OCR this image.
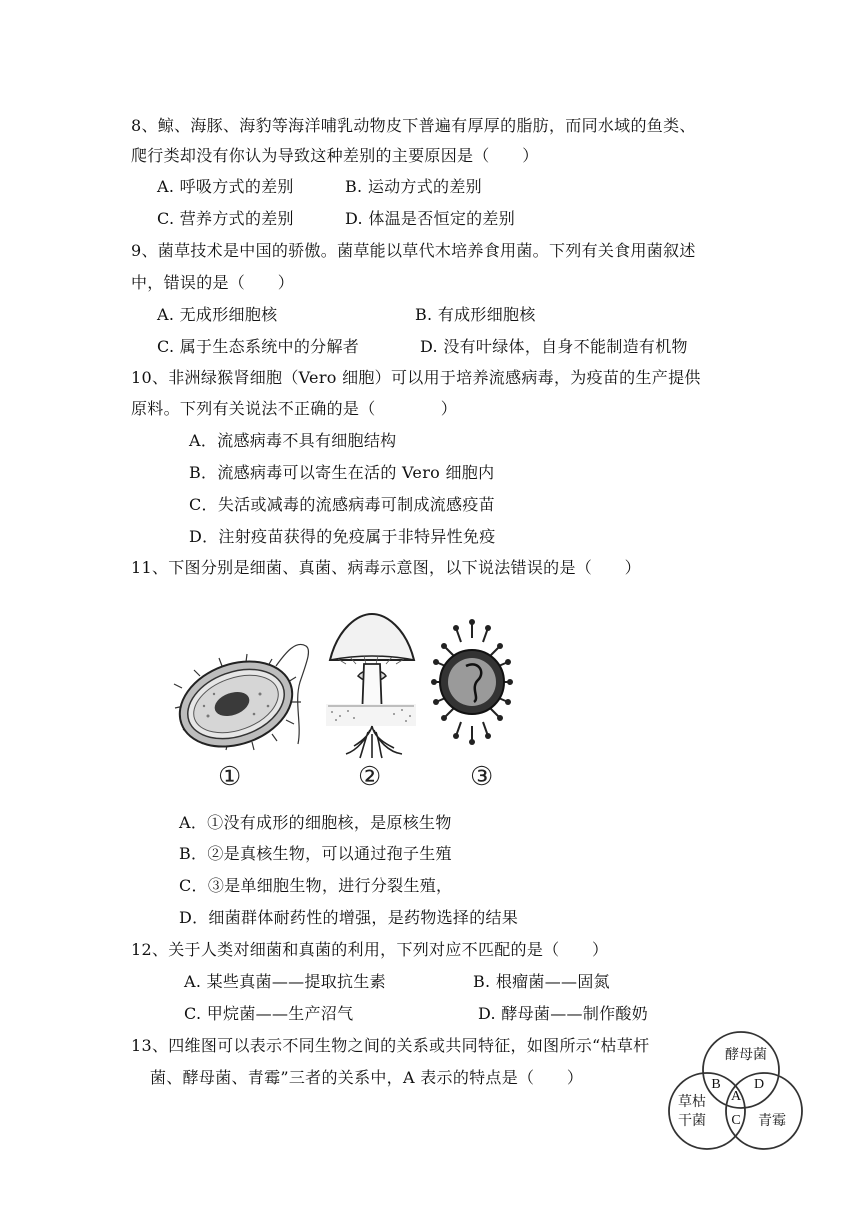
8、鲸、海豚、海豹等海洋哺乳动物皮下普遍有厚厚的脂肪，而同水域的鱼类、
爬行类却没有你认为导致这种差别的主要原因是（　　）
A. 呼吸方式的差别	B. 运动方式的差别
C. 营养方式的差别	D. 体温是否恒定的差别
9、菌草技术是中国的骄傲。菌草能以草代木培养食用菌。下列有关食用菌叙述
中，错误的是（　　）
A. 无成形细胞核	B. 有成形细胞核
C. 属于生态系统中的分解者	D. 没有叶绿体，自身不能制造有机物
10、非洲绿猴肾细胞（Vero 细胞）可以用于培养流感病毒，为疫苗的生产提供
原料。下列有关说法不正确的是（　　　　）
A．流感病毒不具有细胞结构
B．流感病毒可以寄生在活的 Vero 细胞内
C．失活或减毒的流感病毒可制成流感疫苗
D．注射疫苗获得的免疫属于非特异性免疫
11、下图分别是细菌、真菌、病毒示意图，以下说法错误的是（　　）
①	②	③
A．①没有成形的细胞核，是原核生物
B．②是真核生物，可以通过孢子生殖
C．③是单细胞生物，进行分裂生殖，
D．细菌群体耐药性的增强，是药物选择的结果
12、关于人类对细菌和真菌的利用，下列对应不匹配的是（　　）
A. 某些真菌——提取抗生素	B. 根瘤菌——固氮
C. 甲烷菌——生产沼气	D. 酵母菌——制作酸奶
13、四维图可以表示不同生物之间的关系或共同特征，如图所示“枯草杆
菌、酵母菌、青霉”三者的关系中，A 表示的特点是（　　）
酵母菌
草枯
干菌	青霉
B D
A
C
